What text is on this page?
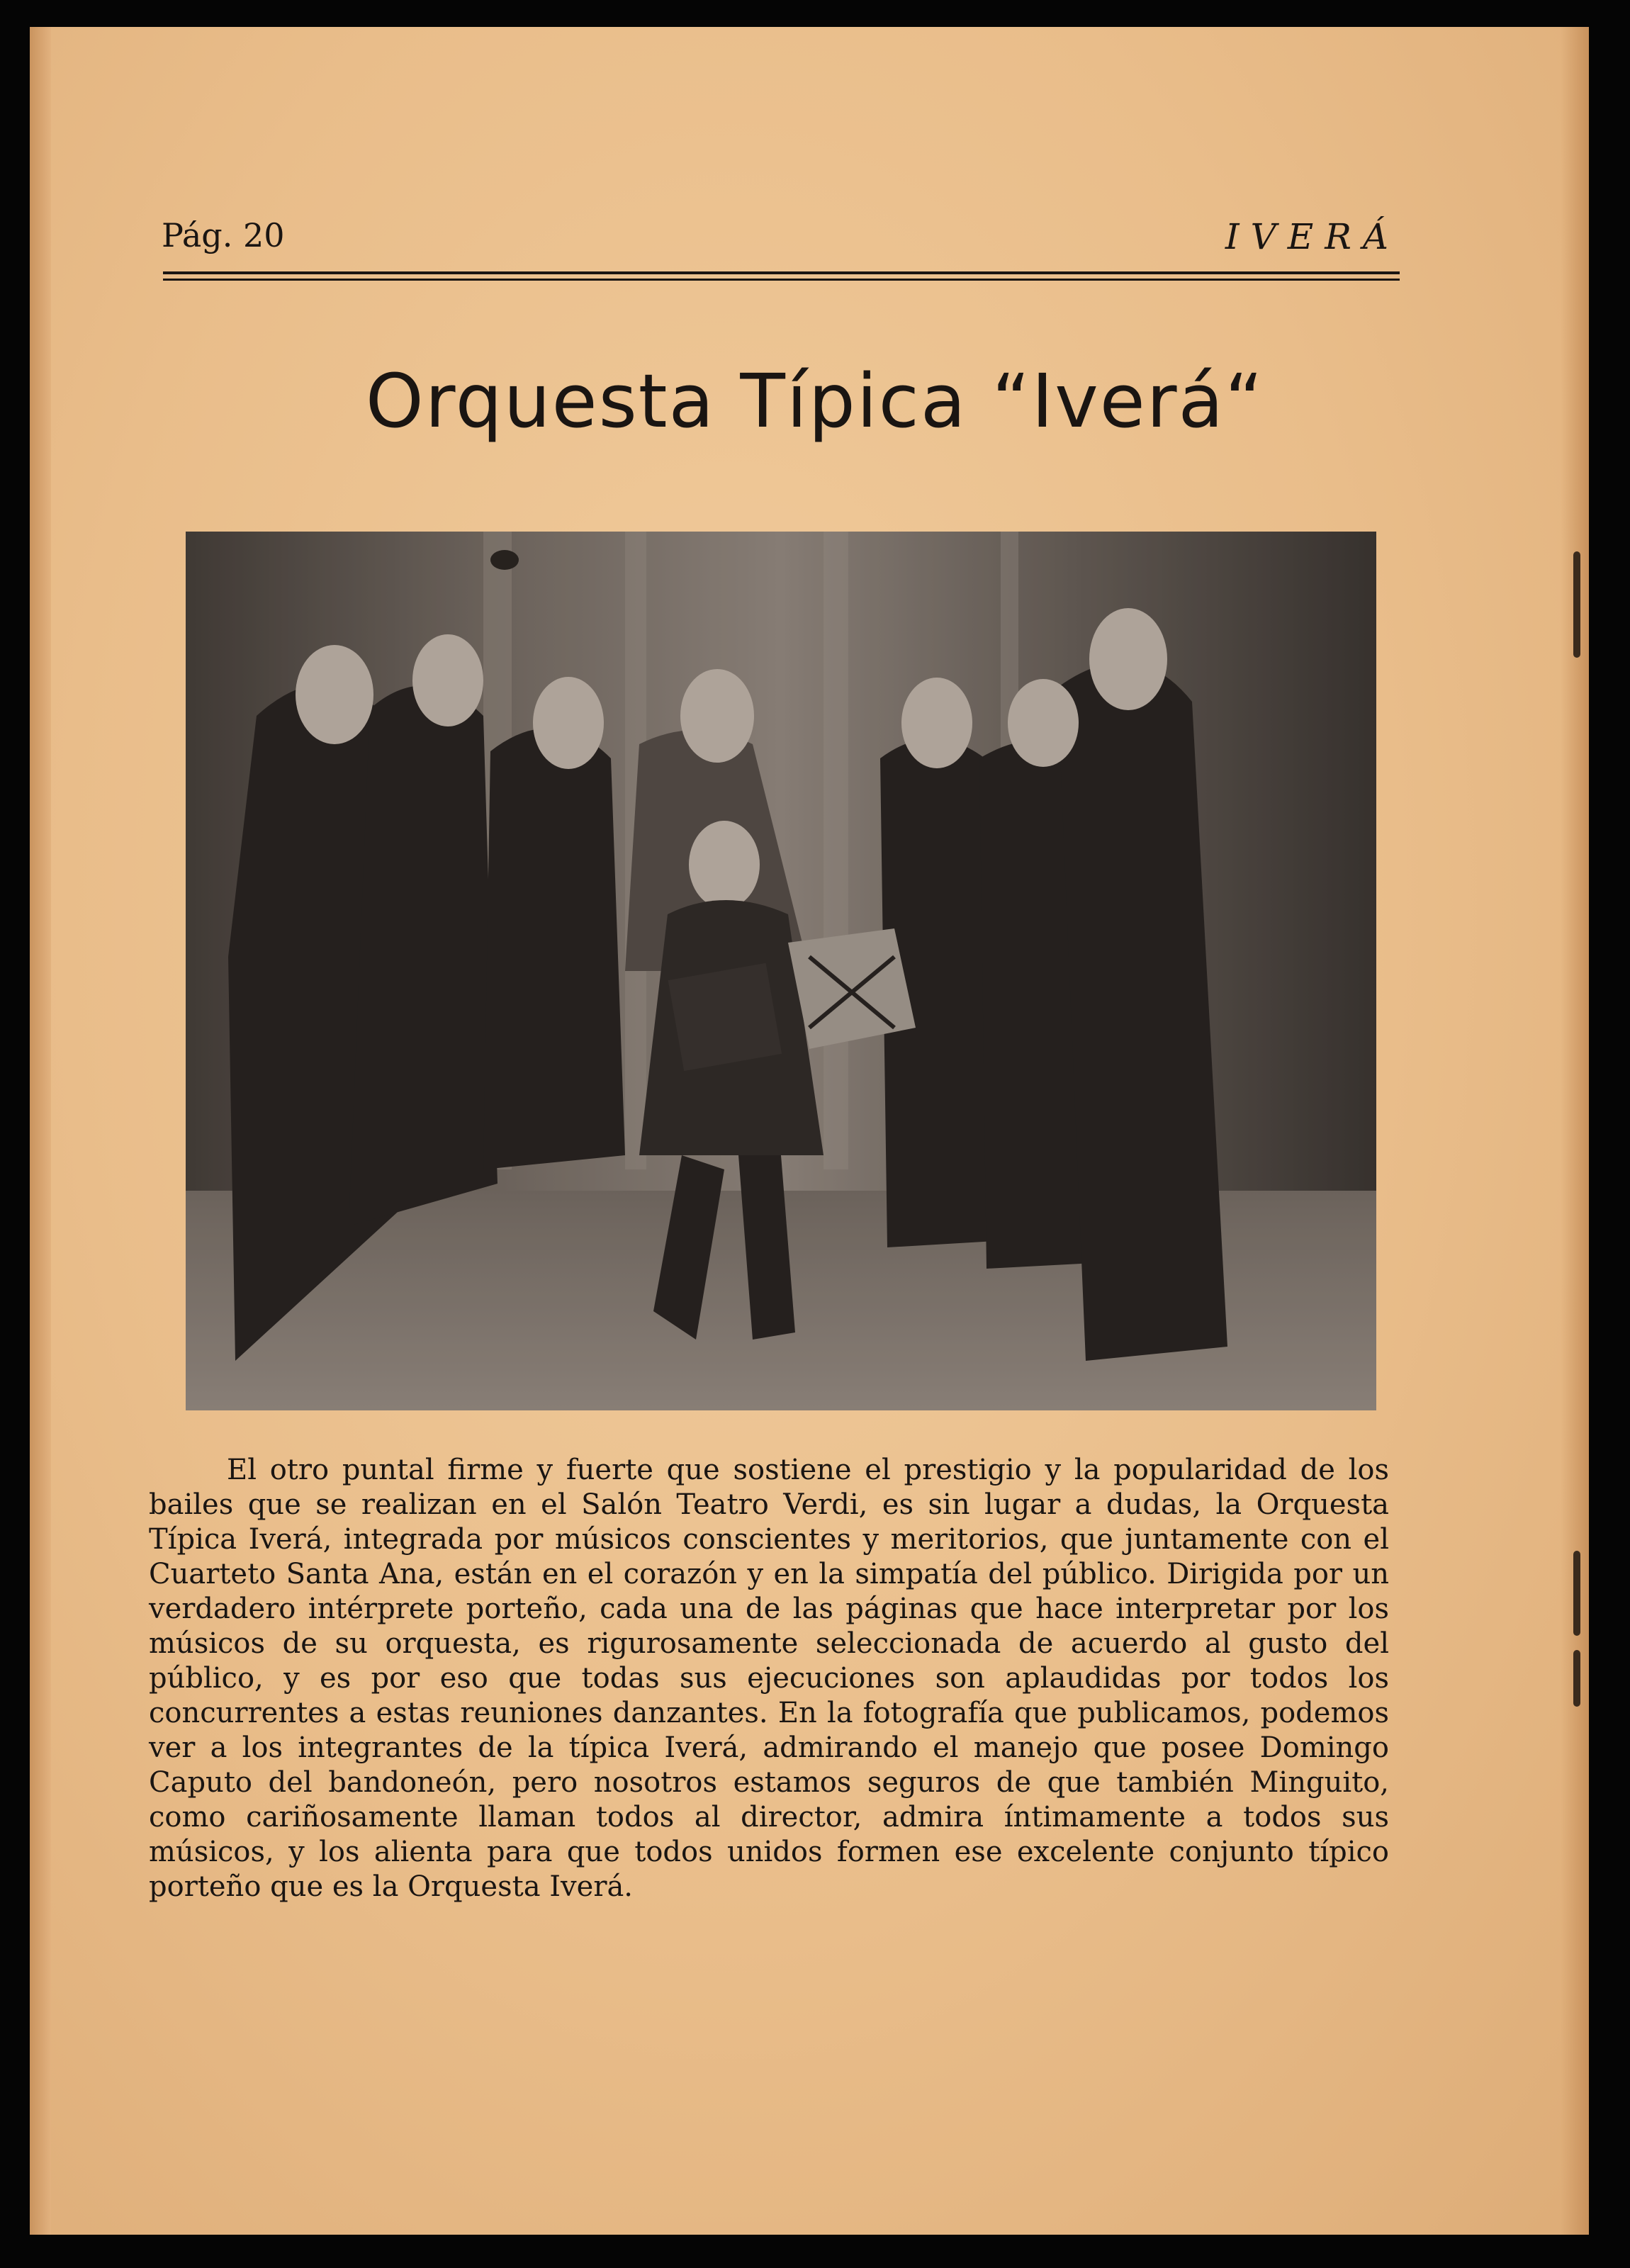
Pág. 20	IVERÁ
Orquesta Típica “Iverá“

El otro puntal firme y fuerte que sostiene el prestigio y la popularidad de los bailes que se realizan en el Salón Teatro Verdi, es sin lugar a dudas, la Orquesta Típica Iverá, integrada por músicos conscientes y meritorios, que juntamente con el Cuarteto Santa Ana, están en el corazón y en la simpatía del público. Dirigida por un verdadero intérprete porteño, cada una de las páginas que hace interpretar por los músicos de su orquesta, es rigurosamente seleccionada de acuerdo al gusto del público, y es por eso que todas sus ejecuciones son aplaudidas por todos los concurrentes a estas reuniones danzantes. En la fotografía que publicamos, podemos ver a los integrantes de la típica Iverá, admirando el manejo que posee Domingo Caputo del bandoneón, pero nosotros estamos seguros de que también Minguito, como cariñosamente llaman todos al director, admira íntimamente a todos sus músicos, y los alienta para que todos unidos formen ese excelente conjunto típico porteño que es la Orquesta Iverá.
